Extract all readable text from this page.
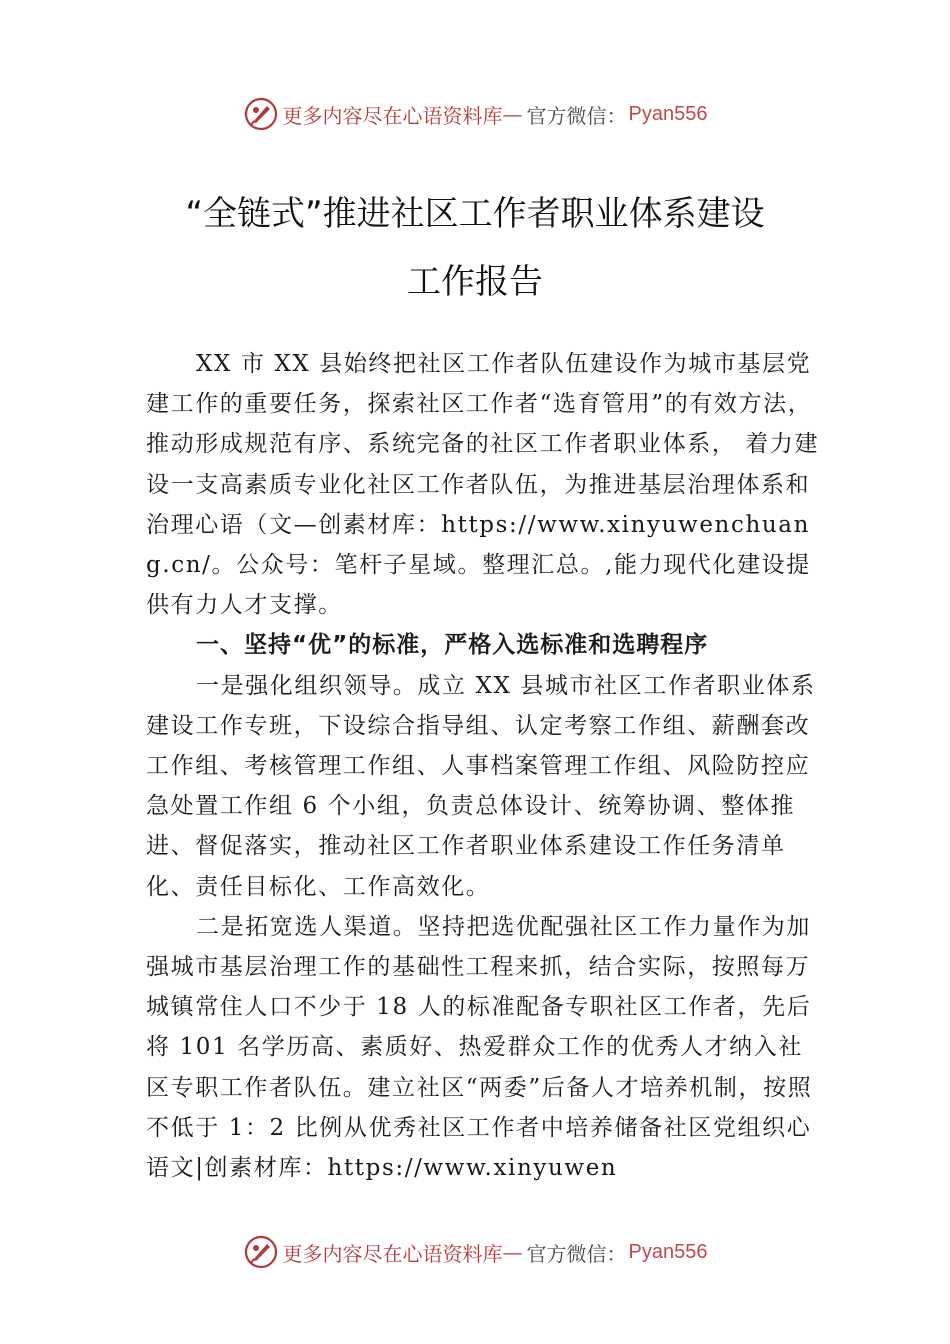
更多内容尽在心语资料库 — 官方微信： Pyan556
“全链式”推进社区工作者职业体系建设
工作报告

XX 市 XX 县始终把社区工作者队伍建设作为城市基层党建工作的重要任务，探索社区工作者“选育管用”的有效方法，推动形成规范有序、系统完备的社区工作者职业体系， 着力建设一支高素质专业化社区工作者队伍，为推进基层治理体系和治理心语（文—创素材库：https://www.xinyuwenchuang.cn/。公众号：笔杆子星域。整理汇总。,能力现代化建设提供有力人才支撑。

一、坚持“优”的标准，严格入选标准和选聘程序

一是强化组织领导。成立 XX 县城市社区工作者职业体系建设工作专班，下设综合指导组、认定考察工作组、薪酬套改工作组、考核管理工作组、人事档案管理工作组、风险防控应急处置工作组 6 个小组，负责总体设计、统筹协调、整体推进、督促落实，推动社区工作者职业体系建设工作任务清单化、责任目标化、工作高效化。

二是拓宽选人渠道。坚持把选优配强社区工作力量作为加强城市基层治理工作的基础性工程来抓，结合实际，按照每万城镇常住人口不少于 18 人的标准配备专职社区工作者，先后将 101 名学历高、素质好、热爱群众工作的优秀人才纳入社区专职工作者队伍。建立社区“两委”后备人才培养机制，按照不低于 1：2 比例从优秀社区工作者中培养储备社区党组织心语文|创素材库：https://www.xinyuwen

更多内容尽在心语资料库 — 官方微信： Pyan556
